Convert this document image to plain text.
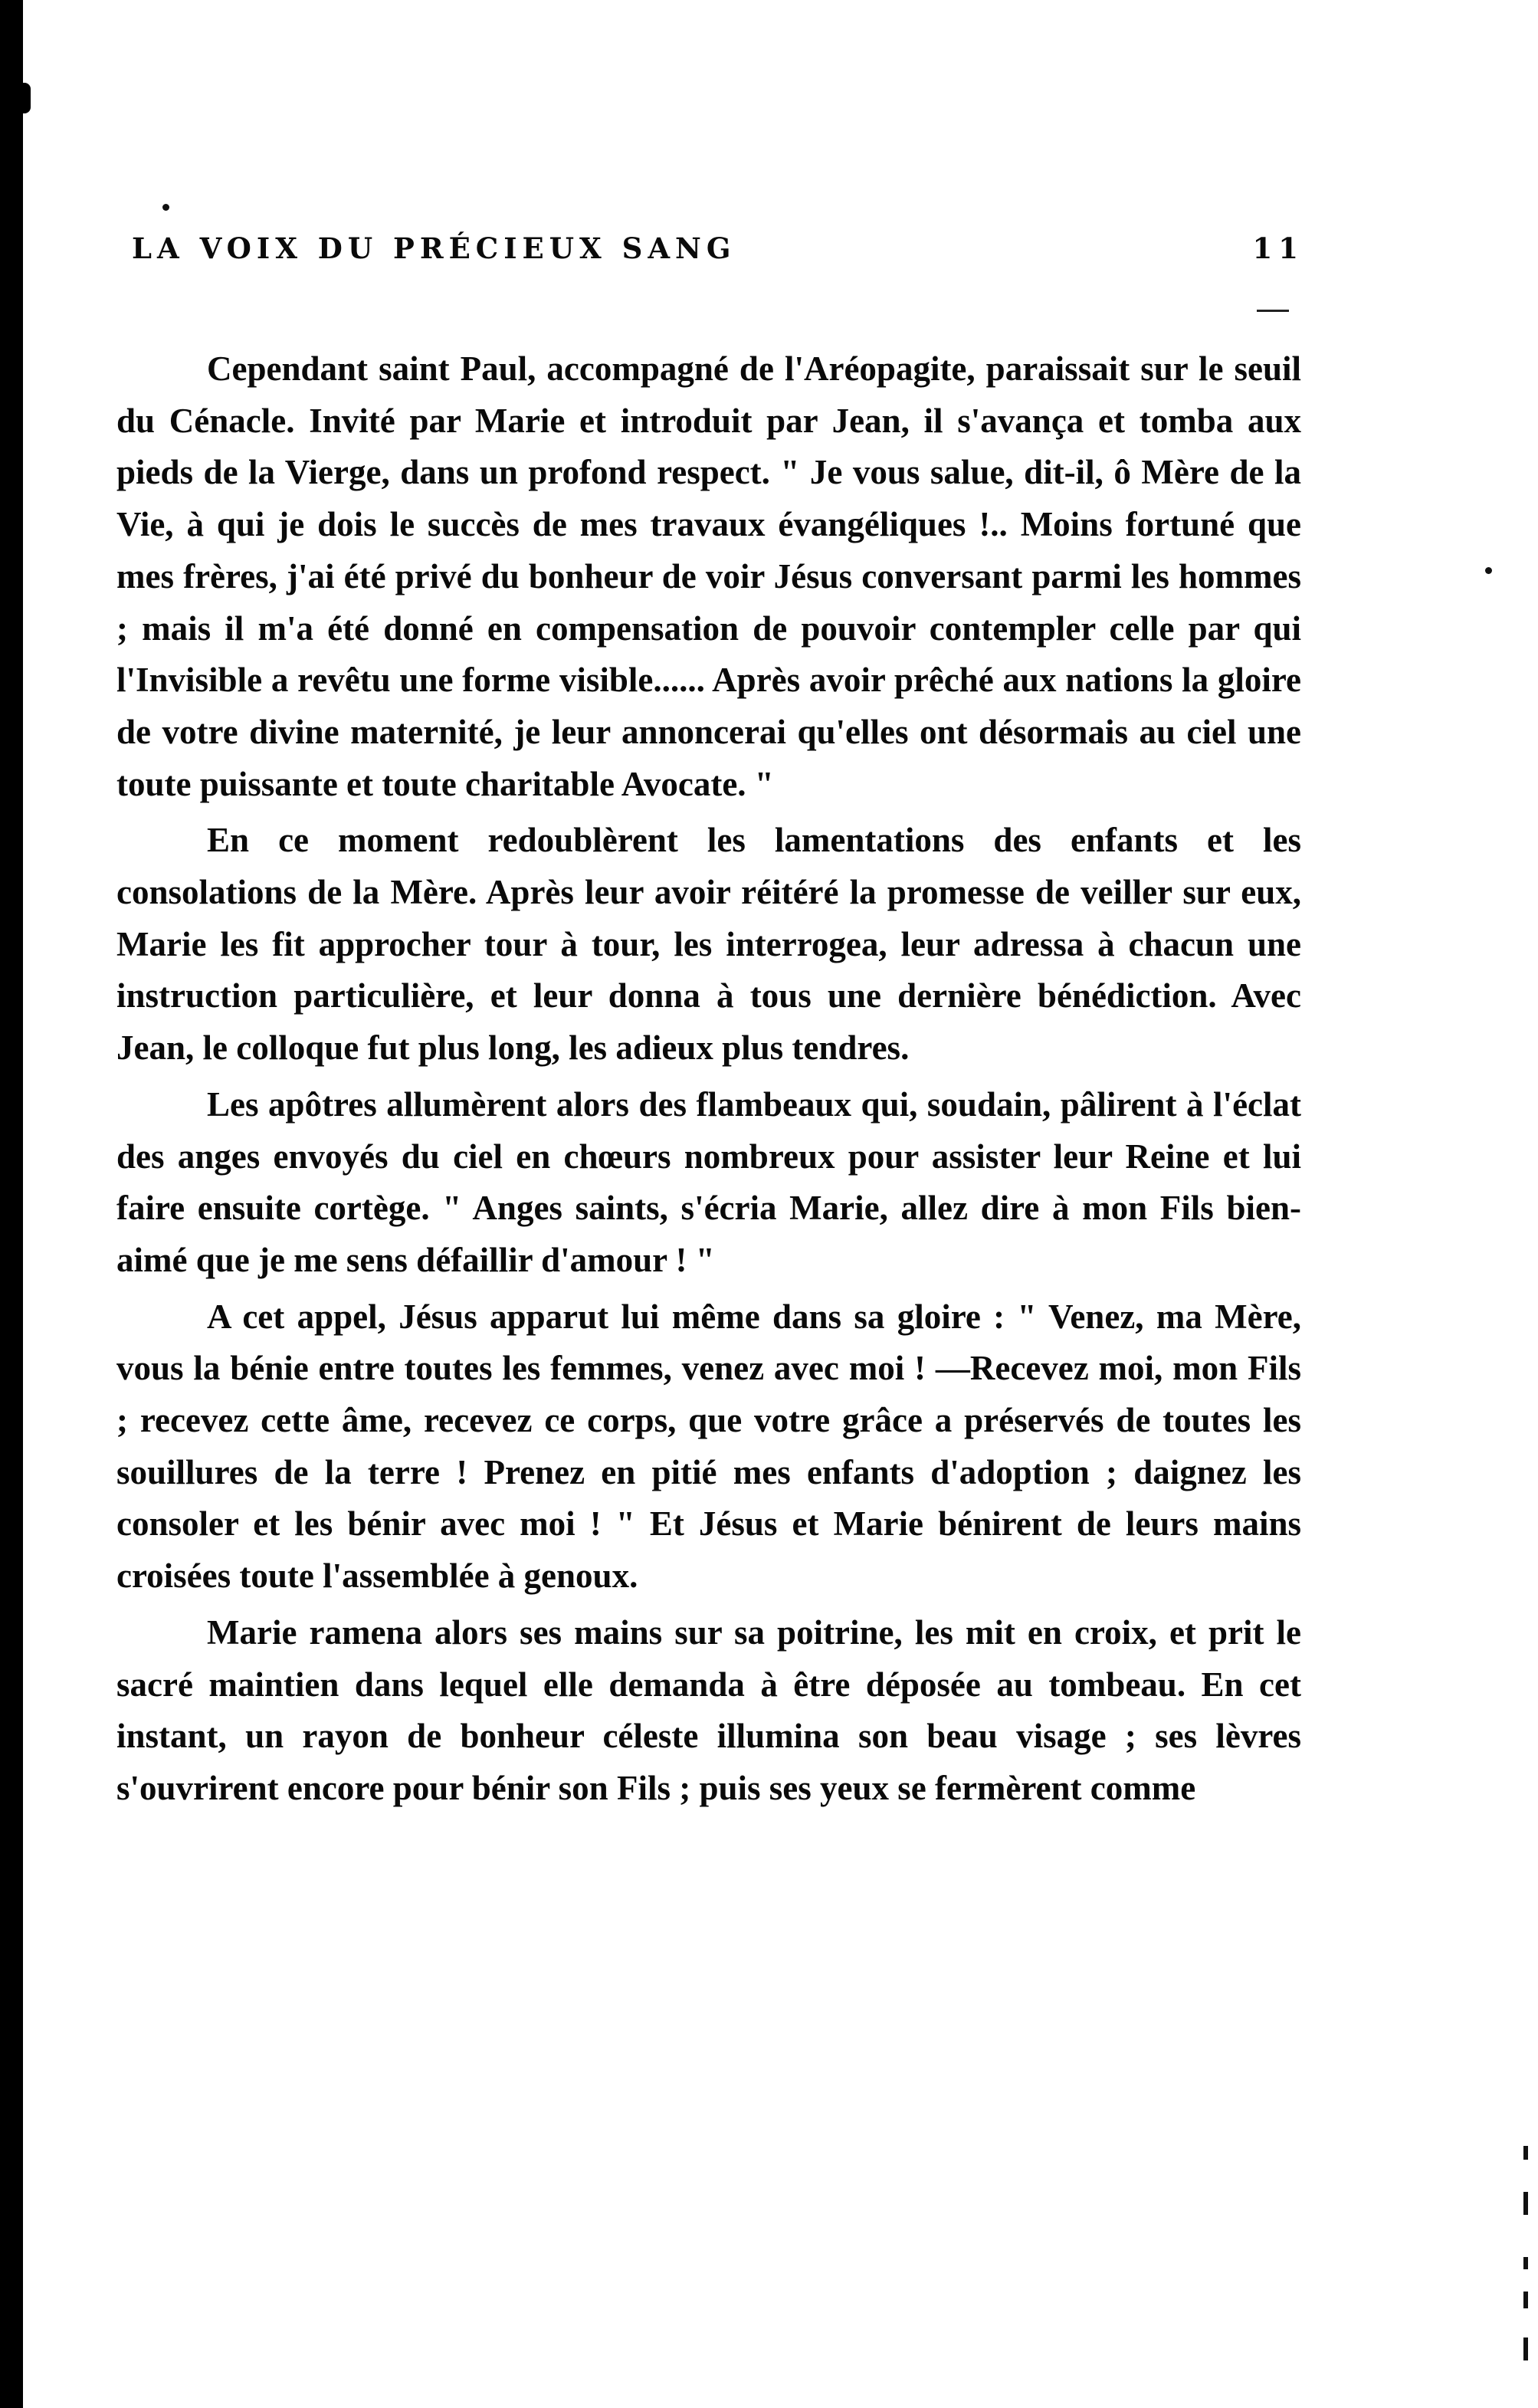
LA VOIX DU PRÉCIEUX SANG	11

Cependant saint Paul, accompagné de l'Aréopagite, paraissait sur le seuil du Cénacle. Invité par Marie et introduit par Jean, il s'avança et tomba aux pieds de la Vierge, dans un profond respect. " Je vous salue, dit-il, ô Mère de la Vie, à qui je dois le succès de mes travaux évangéliques !.. Moins fortuné que mes frères, j'ai été privé du bonheur de voir Jésus conversant parmi les hommes ; mais il m'a été donné en compensation de pouvoir contempler celle par qui l'Invisible a revêtu une forme visible...... Après avoir prêché aux nations la gloire de votre divine maternité, je leur annoncerai qu'elles ont désormais au ciel une toute puissante et toute charitable Avocate. "

En ce moment redoublèrent les lamentations des enfants et les consolations de la Mère. Après leur avoir réitéré la promesse de veiller sur eux, Marie les fit approcher tour à tour, les interrogea, leur adressa à chacun une instruction particulière, et leur donna à tous une dernière bénédiction. Avec Jean, le colloque fut plus long, les adieux plus tendres.

Les apôtres allumèrent alors des flambeaux qui, soudain, pâlirent à l'éclat des anges envoyés du ciel en chœurs nombreux pour assister leur Reine et lui faire ensuite cortège. " Anges saints, s'écria Marie, allez dire à mon Fils bien-aimé que je me sens défaillir d'amour ! "

A cet appel, Jésus apparut lui même dans sa gloire : " Venez, ma Mère, vous la bénie entre toutes les femmes, venez avec moi ! —Recevez moi, mon Fils ; recevez cette âme, recevez ce corps, que votre grâce a préservés de toutes les souillures de la terre ! Prenez en pitié mes enfants d'adoption ; daignez les consoler et les bénir avec moi ! " Et Jésus et Marie bénirent de leurs mains croisées toute l'assemblée à genoux.

Marie ramena alors ses mains sur sa poitrine, les mit en croix, et prit le sacré maintien dans lequel elle demanda à être déposée au tombeau. En cet instant, un rayon de bonheur céleste illumina son beau visage ; ses lèvres s'ouvrirent encore pour bénir son Fils ; puis ses yeux se fermèrent comme
